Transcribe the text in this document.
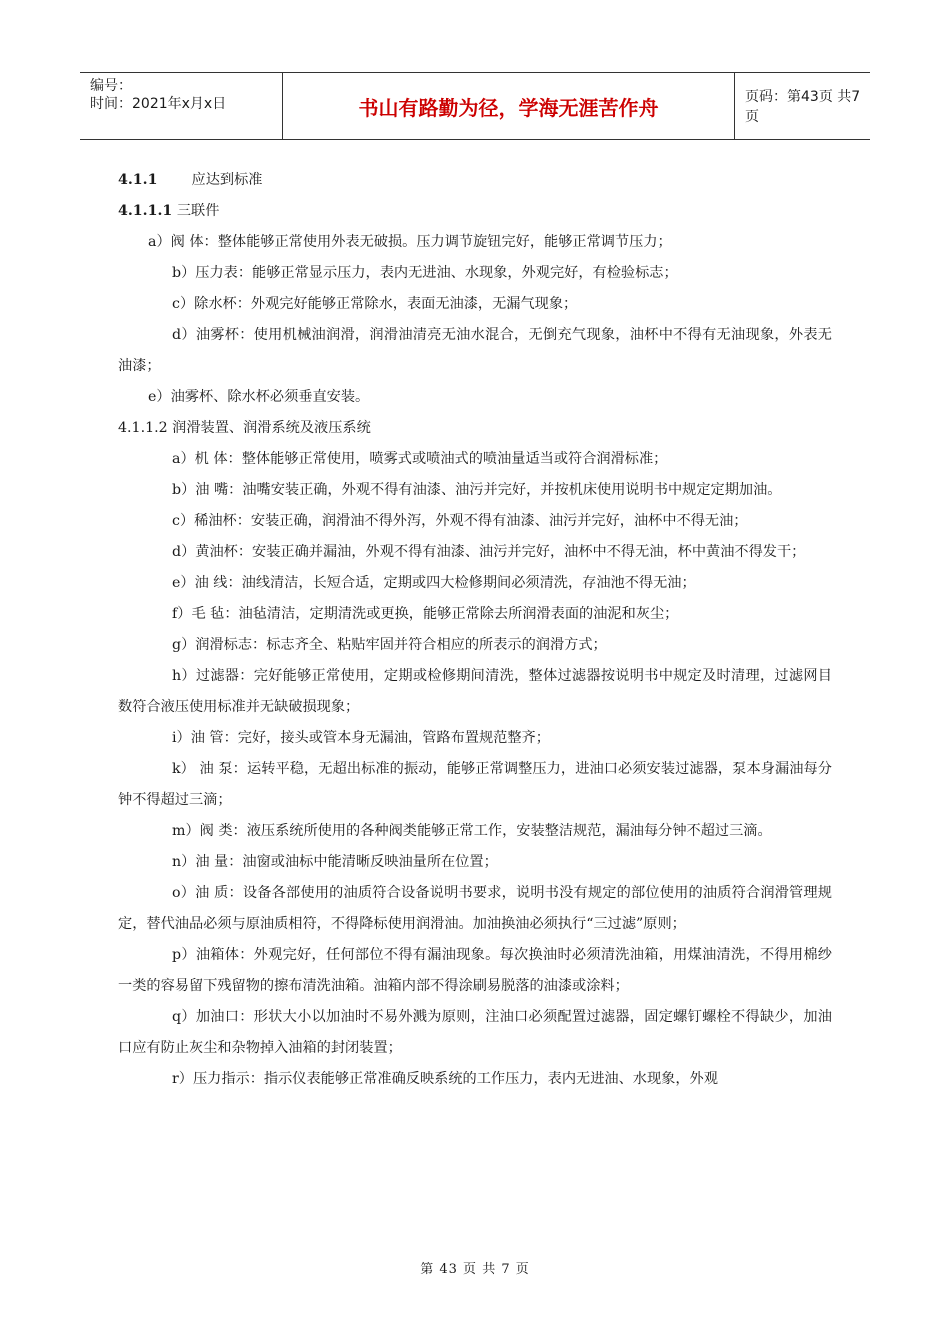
编号：
时间：2021年x月x日	书山有路勤为径，学海无涯苦作舟	页码：第43页 共7页

4.1.1 应达到标准

4.1.1.1 三联件

a）阀 体：整体能够正常使用外表无破损。压力调节旋钮完好，能够正常调节压力；

b）压力表：能够正常显示压力，表内无进油、水现象，外观完好，有检验标志；

c）除水杯：外观完好能够正常除水，表面无油漆，无漏气现象；

d）油雾杯：使用机械油润滑，润滑油清亮无油水混合，无倒充气现象，油杯中不得有无油现象，外表无油漆；

e）油雾杯、除水杯必须垂直安装。

4.1.1.2 润滑装置、润滑系统及液压系统

a）机 体：整体能够正常使用，喷雾式或喷油式的喷油量适当或符合润滑标准；

b）油 嘴：油嘴安装正确，外观不得有油漆、油污并完好，并按机床使用说明书中规定定期加油。

c）稀油杯：安装正确，润滑油不得外泻，外观不得有油漆、油污并完好，油杯中不得无油；

d）黄油杯：安装正确并漏油，外观不得有油漆、油污并完好，油杯中不得无油，杯中黄油不得发干；

e）油 线：油线清洁，长短合适，定期或四大检修期间必须清洗，存油池不得无油；

f）毛 毡：油毡清洁，定期清洗或更换，能够正常除去所润滑表面的油泥和灰尘；

g）润滑标志：标志齐全、粘贴牢固并符合相应的所表示的润滑方式；

h）过滤器：完好能够正常使用，定期或检修期间清洗，整体过滤器按说明书中规定及时清理，过滤网目数符合液压使用标准并无缺破损现象；

i）油 管：完好，接头或管本身无漏油，管路布置规范整齐；

k） 油 泵：运转平稳，无超出标准的振动，能够正常调整压力，进油口必须安装过滤器，泵本身漏油每分钟不得超过三滴；

m）阀 类：液压系统所使用的各种阀类能够正常工作，安装整洁规范，漏油每分钟不超过三滴。

n）油 量：油窗或油标中能清晰反映油量所在位置；

o）油 质：设备各部使用的油质符合设备说明书要求，说明书没有规定的部位使用的油质符合润滑管理规定，替代油品必须与原油质相符，不得降标使用润滑油。加油换油必须执行“三过滤”原则；

p）油箱体：外观完好，任何部位不得有漏油现象。每次换油时必须清洗油箱，用煤油清洗，不得用棉纱一类的容易留下残留物的擦布清洗油箱。油箱内部不得涂刷易脱落的油漆或涂料；

q）加油口：形状大小以加油时不易外溅为原则，注油口必须配置过滤器，固定螺钉螺栓不得缺少，加油口应有防止灰尘和杂物掉入油箱的封闭装置；

r）压力指示：指示仪表能够正常准确反映系统的工作压力，表内无进油、水现象，外观

第 43 页 共 7 页
